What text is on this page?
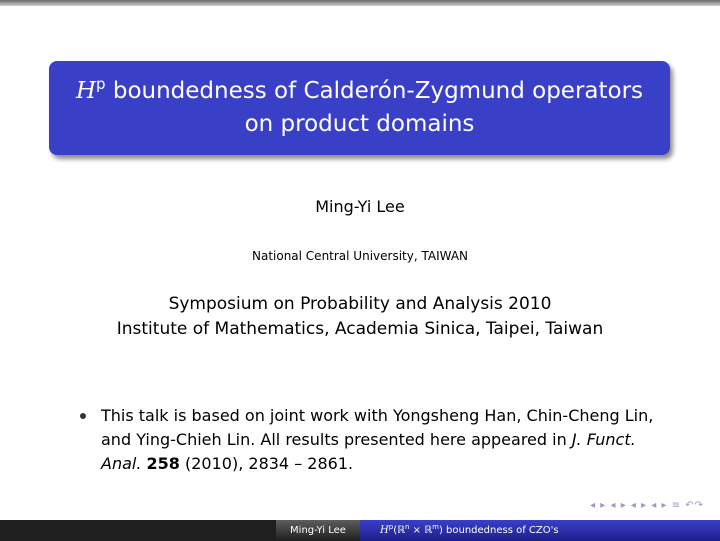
$H^p$ boundedness of Calderón-Zygmund operators
on product domains
Ming-Yi Lee
National Central University, TAIWAN
Symposium on Probability and Analysis 2010
Institute of Mathematics, Academia Sinica, Taipei, Taiwan
This talk is based on joint work with Yongsheng Han, Chin-Cheng Lin, and Ying-Chieh Lin. All results presented here appeared in J. Funct. Anal. 258 (2010), 2834 – 2861.
◂ ▸ ◂ ▸ ◂ ▸ ◂ ▸ ≡ ↶↷
Ming-Yi Lee	$H^p(ℝ^n$ × ℝ$^m$) boundedness of CZO's
